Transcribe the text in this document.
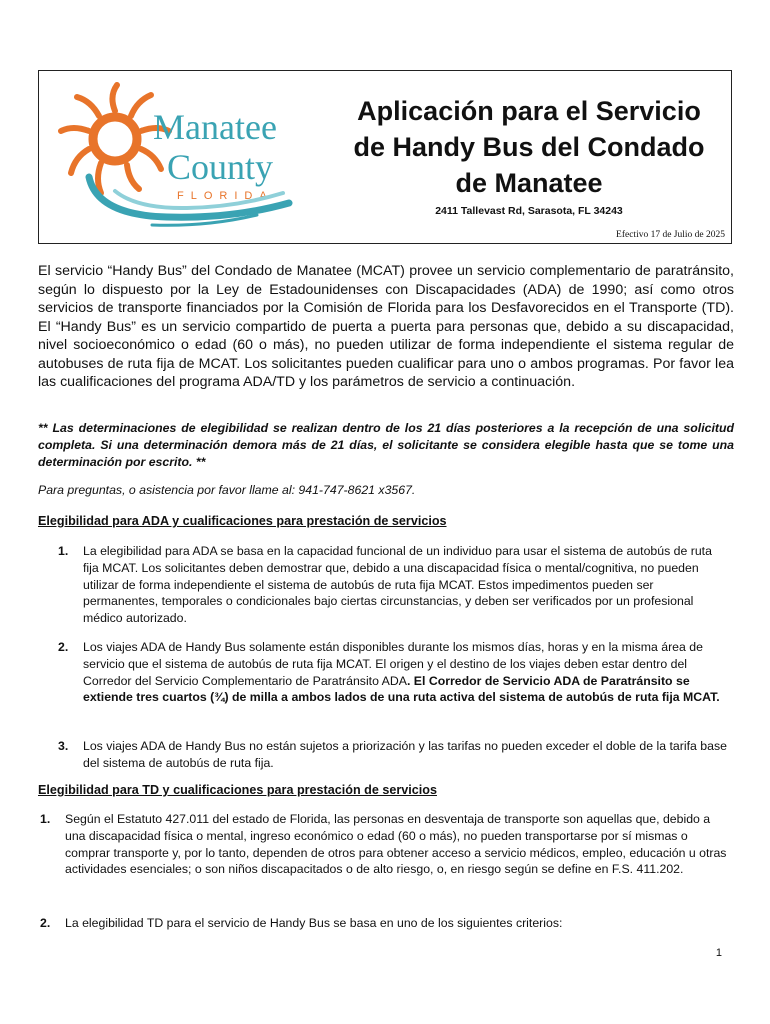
Manatee
County
FLORIDA
Aplicación para el Servicio
de Handy Bus del Condado
de Manatee
2411 Tallevast Rd, Sarasota, FL 34243
Efectivo 17 de Julio de 2025

El servicio “Handy Bus” del Condado de Manatee (MCAT) provee un servicio complementario de paratránsito, según lo dispuesto por la Ley de Estadounidenses con Discapacidades (ADA) de 1990; así como otros servicios de transporte financiados por la Comisión de Florida para los Desfavorecidos en el Transporte (TD). El “Handy Bus” es un servicio compartido de puerta a puerta para personas que, debido a su discapacidad, nivel socioeconómico o edad (60 o más), no pueden utilizar de forma independiente el sistema regular de autobuses de ruta fija de MCAT. Los solicitantes pueden cualificar para uno o ambos programas. Por favor lea las cualificaciones del programa ADA/TD y los parámetros de servicio a continuación.

** Las determinaciones de elegibilidad se realizan dentro de los 21 días posteriores a la recepción de una solicitud completa. Si una determinación demora más de 21 días, el solicitante se considera elegible hasta que se tome una determinación por escrito. **

Para preguntas, o asistencia por favor llame al: 941-747-8621 x3567.

Elegibilidad para ADA y cualificaciones para prestación de servicios
1. La elegibilidad para ADA se basa en la capacidad funcional de un individuo para usar el sistema de autobús de ruta fija MCAT. Los solicitantes deben demostrar que, debido a una discapacidad física o mental/cognitiva, no pueden utilizar de forma independiente el sistema de autobús de ruta fija MCAT. Estos impedimentos pueden ser permanentes, temporales o condicionales bajo ciertas circunstancias, y deben ser verificados por un profesional médico autorizado.
2. Los viajes ADA de Handy Bus solamente están disponibles durante los mismos días, horas y en la misma área de servicio que el sistema de autobús de ruta fija MCAT. El origen y el destino de los viajes deben estar dentro del Corredor del Servicio Complementario de Paratránsito ADA. El Corredor de Servicio ADA de Paratránsito se extiende tres cuartos (¾) de milla a ambos lados de una ruta activa del sistema de autobús de ruta fija MCAT.
3. Los viajes ADA de Handy Bus no están sujetos a priorización y las tarifas no pueden exceder el doble de la tarifa base del sistema de autobús de ruta fija.
Elegibilidad para TD y cualificaciones para prestación de servicios
1. Según el Estatuto 427.011 del estado de Florida, las personas en desventaja de transporte son aquellas que, debido a una discapacidad física o mental, ingreso económico o edad (60 o más), no pueden transportarse por sí mismas o comprar transporte y, por lo tanto, dependen de otros para obtener acceso a servicio médicos, empleo, educación u otras actividades esenciales; o son niños discapacitados o de alto riesgo, o, en riesgo según se define en F.S. 411.202.
2. La elegibilidad TD para el servicio de Handy Bus se basa en uno de los siguientes criterios:
1
